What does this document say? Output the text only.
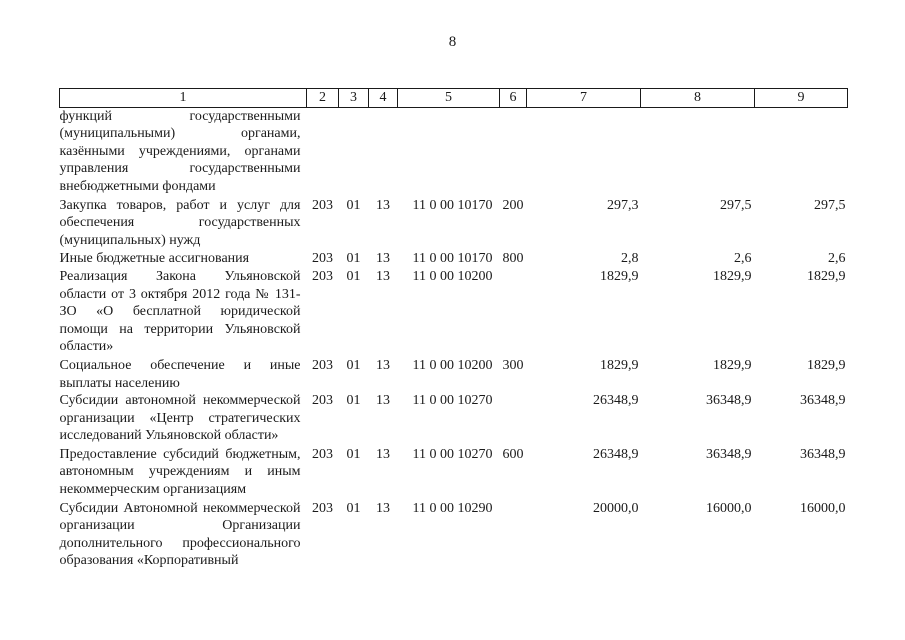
8
1	2	3	4	5	6	7	8	9
функций государственными (муниципальными) органами, казёнными учреждениями, органами управления государственными внебюджетными фондами								
Закупка товаров, работ и услуг для обеспечения государственных (муниципальных) нужд	203	01	13	11 0 00 10170	200	297,3	297,5	297,5
Иные бюджетные ассигнования	203	01	13	11 0 00 10170	800	2,8	2,6	2,6
Реализация Закона Ульяновской области от 3 октября 2012 года № 131-ЗО «О бесплатной юридической помощи на территории Ульяновской области»	203	01	13	11 0 00 10200		1829,9	1829,9	1829,9
Социальное обеспечение и иные выплаты населению	203	01	13	11 0 00 10200	300	1829,9	1829,9	1829,9
Субсидии автономной некоммерческой организации «Центр стратегических исследований Ульяновской области»	203	01	13	11 0 00 10270		26348,9	36348,9	36348,9
Предоставление субсидий бюджетным, автономным учреждениям и иным некоммерческим организациям	203	01	13	11 0 00 10270	600	26348,9	36348,9	36348,9
Субсидии Автономной некоммерческой организации Организации дополнительного профессионального образования «Корпоративный	203	01	13	11 0 00 10290		20000,0	16000,0	16000,0
